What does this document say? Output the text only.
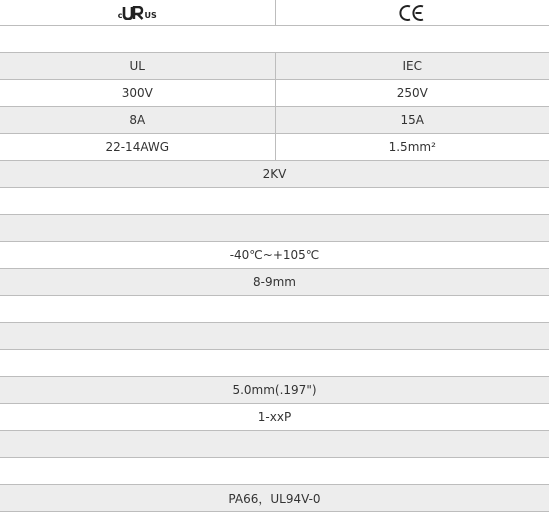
c US

UL	IEC
300V	250V
8A	15A
22-14AWG	1.5mm²
2KV	

-40℃~+105℃	
8-9mm	

5.0mm(.197")	
1-xxP	

PA66，UL94V-0	
